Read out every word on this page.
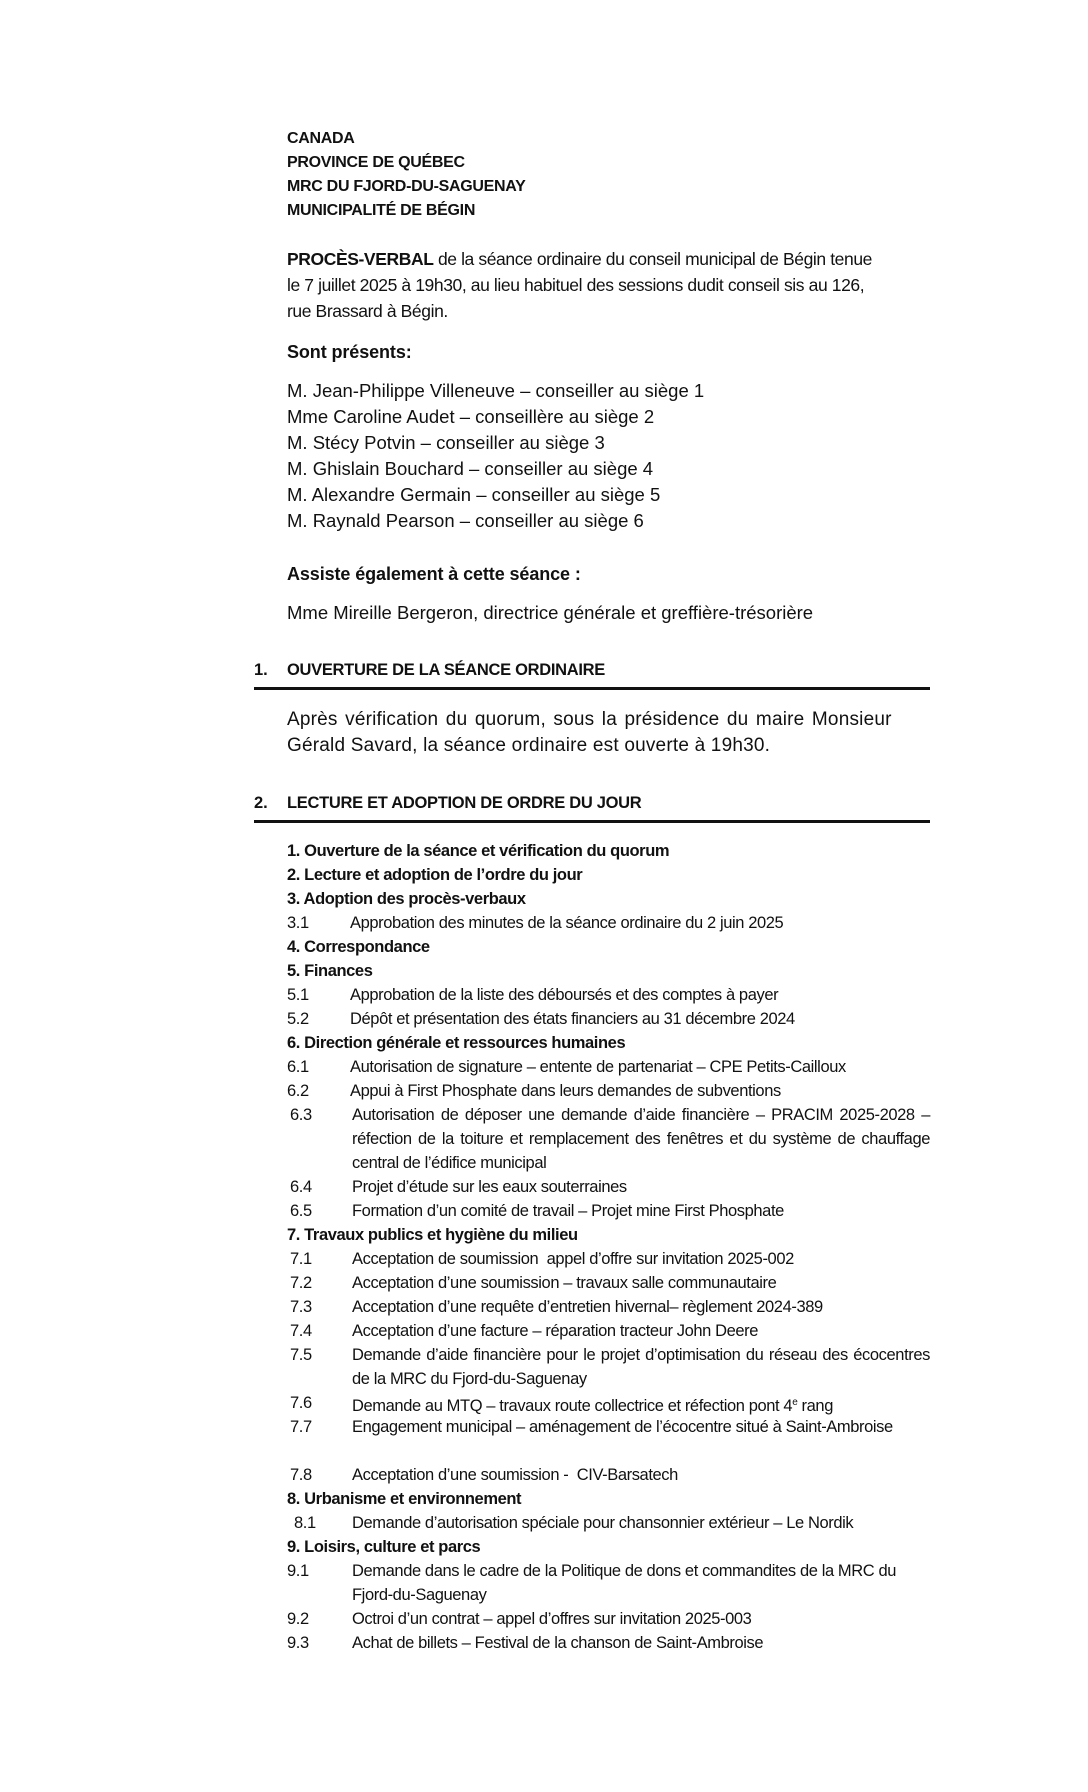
CANADA
PROVINCE DE QUÉBEC
MRC DU FJORD-DU-SAGUENAY
MUNICIPALITÉ DE BÉGIN
PROCÈS-VERBAL de la séance ordinaire du conseil municipal de Bégin tenue
le 7 juillet 2025 à 19h30, au lieu habituel des sessions dudit conseil sis au 126,
rue Brassard à Bégin.
Sont présents:
M. Jean-Philippe Villeneuve – conseiller au siège 1
Mme Caroline Audet – conseillère au siège 2
M. Stécy Potvin – conseiller au siège 3
M. Ghislain Bouchard – conseiller au siège 4
M. Alexandre Germain – conseiller au siège 5
M. Raynald Pearson – conseiller au siège 6
Assiste également à cette séance :
Mme Mireille Bergeron, directrice générale et greffière-trésorière
1. OUVERTURE DE LA SÉANCE ORDINAIRE
Après vérification du quorum, sous la présidence du maire Monsieur
Gérald Savard, la séance ordinaire est ouverte à 19h30.
2. LECTURE ET ADOPTION DE ORDRE DU JOUR
1. Ouverture de la séance et vérification du quorum
2. Lecture et adoption de l’ordre du jour
3. Adoption des procès-verbaux
3.1	Approbation des minutes de la séance ordinaire du 2 juin 2025
4. Correspondance
5. Finances
5.1	Approbation de la liste des déboursés et des comptes à payer
5.2	Dépôt et présentation des états financiers au 31 décembre 2024
6. Direction générale et ressources humaines
6.1	Autorisation de signature – entente de partenariat – CPE Petits-Cailloux
6.2	Appui à First Phosphate dans leurs demandes de subventions
6.3 Autorisation de déposer une demande d’aide financière – PRACIM 2025-2028 – réfection de la toiture et remplacement des fenêtres et du système de chauffage central de l’édifice municipal
6.4 Projet d’étude sur les eaux souterraines
6.5 Formation d’un comité de travail – Projet mine First Phosphate
7. Travaux publics et hygiène du milieu
7.1 Acceptation de soumission  appel d’offre sur invitation 2025-002
7.2 Acceptation d’une soumission – travaux salle communautaire
7.3 Acceptation d’une requête d’entretien hivernal– règlement 2024-389
7.4 Acceptation d’une facture – réparation tracteur John Deere
7.5 Demande d’aide financière pour le projet d’optimisation du réseau des écocentres de la MRC du Fjord-du-Saguenay
7.6 Demande au MTQ – travaux route collectrice et réfection pont 4e rang
7.7 Engagement municipal – aménagement de l’écocentre situé à Saint-Ambroise
7.8 Acceptation d’une soumission -  CIV-Barsatech
8. Urbanisme et environnement
8.1 Demande d’autorisation spéciale pour chansonnier extérieur – Le Nordik
9. Loisirs, culture et parcs
9.1	Demande dans le cadre de la Politique de dons et commandites de la MRC du Fjord-du-Saguenay
9.2	Octroi d’un contrat – appel d’offres sur invitation 2025-003
9.3	Achat de billets – Festival de la chanson de Saint-Ambroise
